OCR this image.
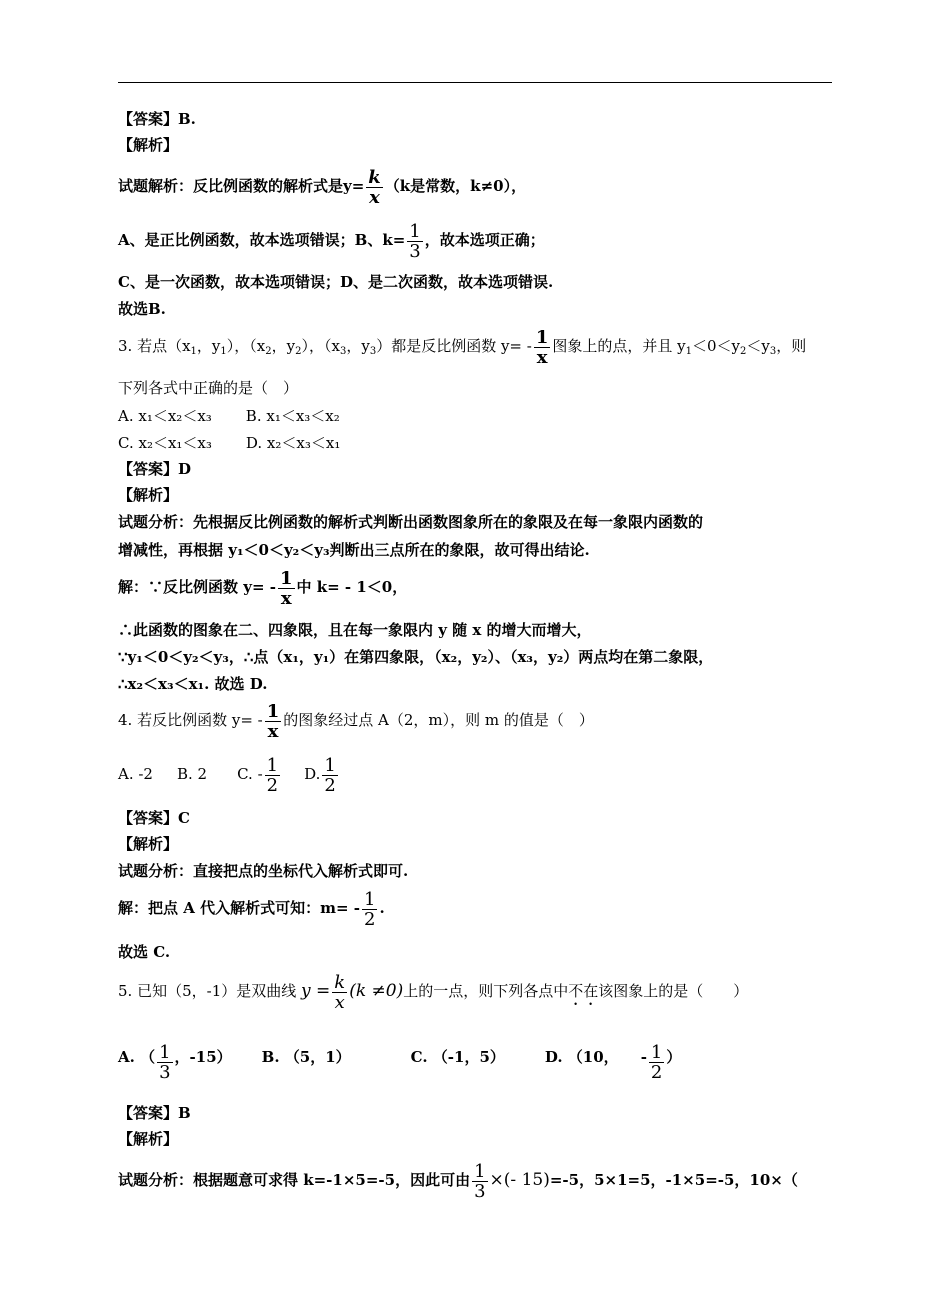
【答案】B.
【解析】
试题解析：反比例函数的解析式是$y= \frac{k}{x} (k$是常数，k≠0），
A、是正比例函数，故本选项错误；B、$k= \frac{1}{3}$ ，故本选项正确；
C、是一次函数，故本选项错误；D、是二次函数，故本选项错误.
故选B.
3. 若点（$x_1$，$y_1$），（$x_2$，$y_2$），（$x_3$，$y_3$）都是反比例函数 $y= - \frac{1}{x}$ 图象上的点，并且 $y_1<0<y_2<y_3$，则
下列各式中正确的是（　）
A. x₁＜x₂＜x₃ B. x₁＜x₃＜x₂
C. x₂＜x₁＜x₃ D. x₂＜x₃＜x₁
【答案】D
【解析】
试题分析：先根据反比例函数的解析式判断出函数图象所在的象限及在每一象限内函数的
增减性，再根据 y₁＜0＜y₂＜y₃判断出三点所在的象限，故可得出结论.
解：∵反比例函数 $y= - \frac{1}{x}$ 中 k= - 1＜0，
∴此函数的图象在二、四象限，且在每一象限内 y 随 x 的增大而增大，
∵y₁＜0＜y₂＜y₃，∴点（x₁，y₁）在第四象限，（x₂，y₂）、（x₃，y₂）两点均在第二象限，
∴x₂＜x₃＜x₁. 故选 D.
4. 若反比例函数 $y= - \frac{1}{x}$ 的图象经过点 A（2，m），则 m 的值是（　）
A. -2 B. 2 C. - $\frac{1}{2} D$. $\frac{1}{2}$
【答案】C
【解析】
试题分析：直接把点的坐标代入解析式即可.
解：把点 A 代入解析式可知：$m= - \frac{1}{2}$ .
故选 C.
5. 已知（5，-1）是双曲线 $y = \frac{k}{x} (k \ne 0)$上的一点，则下列各点中不在该图象上的是（　　）
A. （ $\frac{1}{3}$ ，-15） B. （5，1）	C. （-1，5）	D. （10， - $\frac{1}{2}$ ）
【答案】B
【解析】
试题分析：根据题意可求得 k=-1×5=-5，因此可由 $\frac{1}{3}$ ×(- 15)=-5，5×1=5，-1×5=-5，10×（
